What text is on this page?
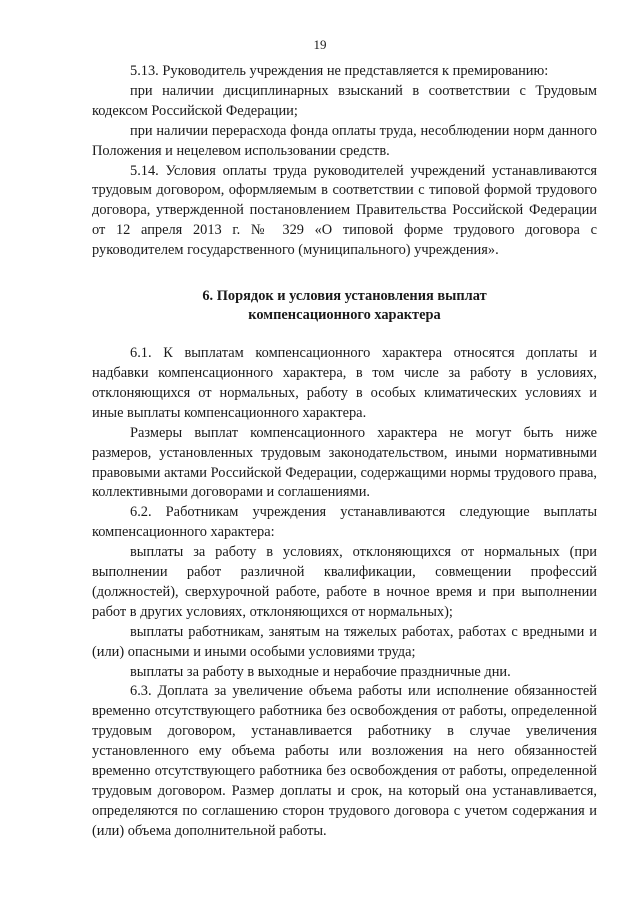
19

5.13. Руководитель учреждения не представляется к премированию:

при наличии дисциплинарных взысканий в соответствии с Трудовым кодексом Российской Федерации;

при наличии перерасхода фонда оплаты труда, несоблюдении норм данного Положения и нецелевом использовании средств.

5.14. Условия оплаты труда руководителей учреждений устанавливаются трудовым договором, оформляемым в соответствии с типовой формой трудового договора, утвержденной постановлением Правительства Российской Федерации от 12 апреля 2013 г. № 329 «О типовой форме трудового договора с руководителем государственного (муниципального) учреждения».

6. Порядок и условия установления выплат
компенсационного характера

6.1. К выплатам компенсационного характера относятся доплаты и надбавки компенсационного характера, в том числе за работу в условиях, отклоняющихся от нормальных, работу в особых климатических условиях и иные выплаты компенсационного характера.

Размеры выплат компенсационного характера не могут быть ниже размеров, установленных трудовым законодательством, иными нормативными правовыми актами Российской Федерации, содержащими нормы трудового права, коллективными договорами и соглашениями.

6.2. Работникам учреждения устанавливаются следующие выплаты компенсационного характера:

выплаты за работу в условиях, отклоняющихся от нормальных (при выполнении работ различной квалификации, совмещении профессий (должностей), сверхурочной работе, работе в ночное время и при выполнении работ в других условиях, отклоняющихся от нормальных);

выплаты работникам, занятым на тяжелых работах, работах с вредными и (или) опасными и иными особыми условиями труда;

выплаты за работу в выходные и нерабочие праздничные дни.

6.3. Доплата за увеличение объема работы или исполнение обязанностей временно отсутствующего работника без освобождения от работы, определенной трудовым договором, устанавливается работнику в случае увеличения установленного ему объема работы или возложения на него обязанностей временно отсутствующего работника без освобождения от работы, определенной трудовым договором. Размер доплаты и срок, на который она устанавливается, определяются по соглашению сторон трудового договора с учетом содержания и (или) объема дополнительной работы.
